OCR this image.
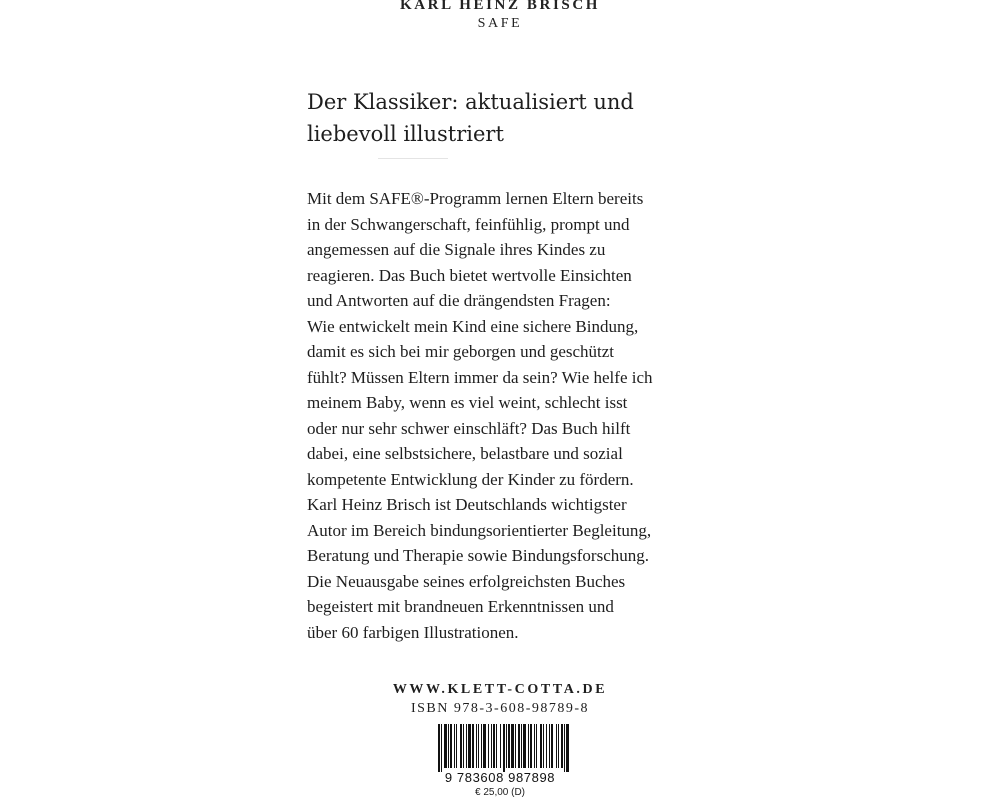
KARL HEINZ BRISCH
SAFE
Der Klassiker: aktualisiert und
liebevoll illustriert
Mit dem SAFE®-Programm lernen Eltern bereits
in der Schwangerschaft, feinfühlig, prompt und
angemessen auf die Signale ihres Kindes zu
reagieren. Das Buch bietet wertvolle Einsichten
und Antworten auf die drängendsten Fragen:
Wie entwickelt mein Kind eine sichere Bindung,
damit es sich bei mir geborgen und geschützt
fühlt? Müssen Eltern immer da sein? Wie helfe ich
meinem Baby, wenn es viel weint, schlecht isst
oder nur sehr schwer einschläft? Das Buch hilft
dabei, eine selbstsichere, belastbare und sozial
kompetente Entwicklung der Kinder zu fördern.
Karl Heinz Brisch ist Deutschlands wichtigster
Autor im Bereich bindungsorientierter Begleitung,
Beratung und Therapie sowie Bindungsforschung.
Die Neuausgabe seines erfolgreichsten Buches
begeistert mit brandneuen Erkenntnissen und
über 60 farbigen Illustrationen.
WWW.KLETT-COTTA.DE
ISBN 978-3-608-98789-8
9 783608 987898
€ 25,00 (D)
